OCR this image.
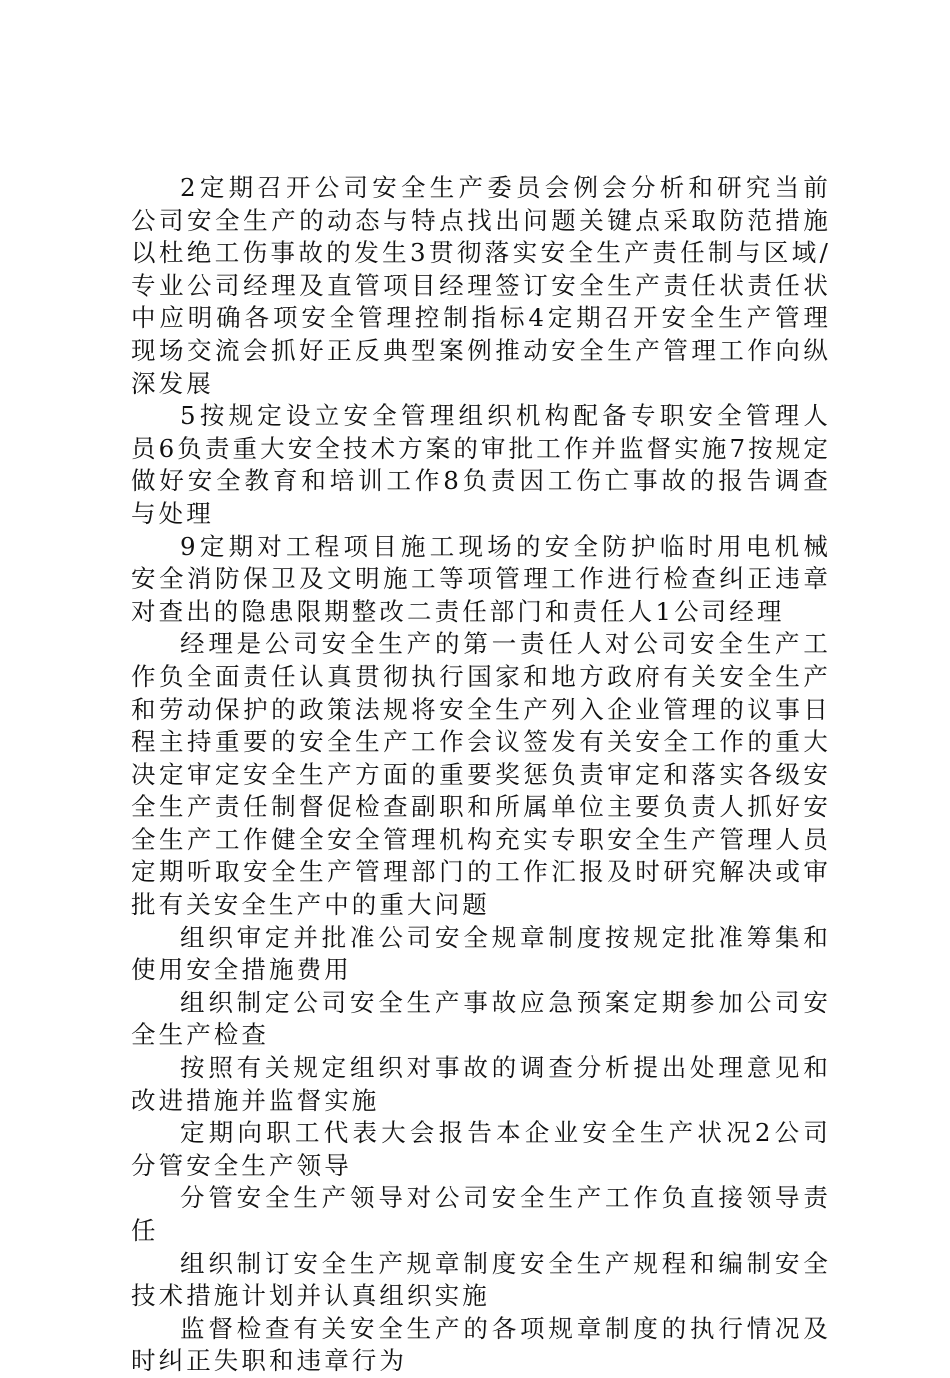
2定期召开公司安全生产委员会例会分析和研究当前公司安全生产的动态与特点找出问题关键点采取防范措施以杜绝工伤事故的发生3贯彻落实安全生产责任制与区域/专业公司经理及直管项目经理签订安全生产责任状责任状中应明确各项安全管理控制指标4定期召开安全生产管理现场交流会抓好正反典型案例推动安全生产管理工作向纵深发展

5按规定设立安全管理组织机构配备专职安全管理人员6负责重大安全技术方案的审批工作并监督实施7按规定做好安全教育和培训工作8负责因工伤亡事故的报告调查与处理

9定期对工程项目施工现场的安全防护临时用电机械安全消防保卫及文明施工等项管理工作进行检查纠正违章对查出的隐患限期整改二责任部门和责任人1公司经理

经理是公司安全生产的第一责任人对公司安全生产工作负全面责任认真贯彻执行国家和地方政府有关安全生产和劳动保护的政策法规将安全生产列入企业管理的议事日程主持重要的安全生产工作会议签发有关安全工作的重大决定审定安全生产方面的重要奖惩负责审定和落实各级安全生产责任制督促检查副职和所属单位主要负责人抓好安全生产工作健全安全管理机构充实专职安全生产管理人员定期听取安全生产管理部门的工作汇报及时研究解决或审批有关安全生产中的重大问题

组织审定并批准公司安全规章制度按规定批准筹集和使用安全措施费用

组织制定公司安全生产事故应急预案定期参加公司安全生产检查

按照有关规定组织对事故的调查分析提出处理意见和改进措施并监督实施

定期向职工代表大会报告本企业安全生产状况2公司分管安全生产领导

分管安全生产领导对公司安全生产工作负直接领导责任

组织制订安全生产规章制度安全生产规程和编制安全技术措施计划并认真组织实施

监督检查有关安全生产的各项规章制度的执行情况及时纠正失职和违章行为
